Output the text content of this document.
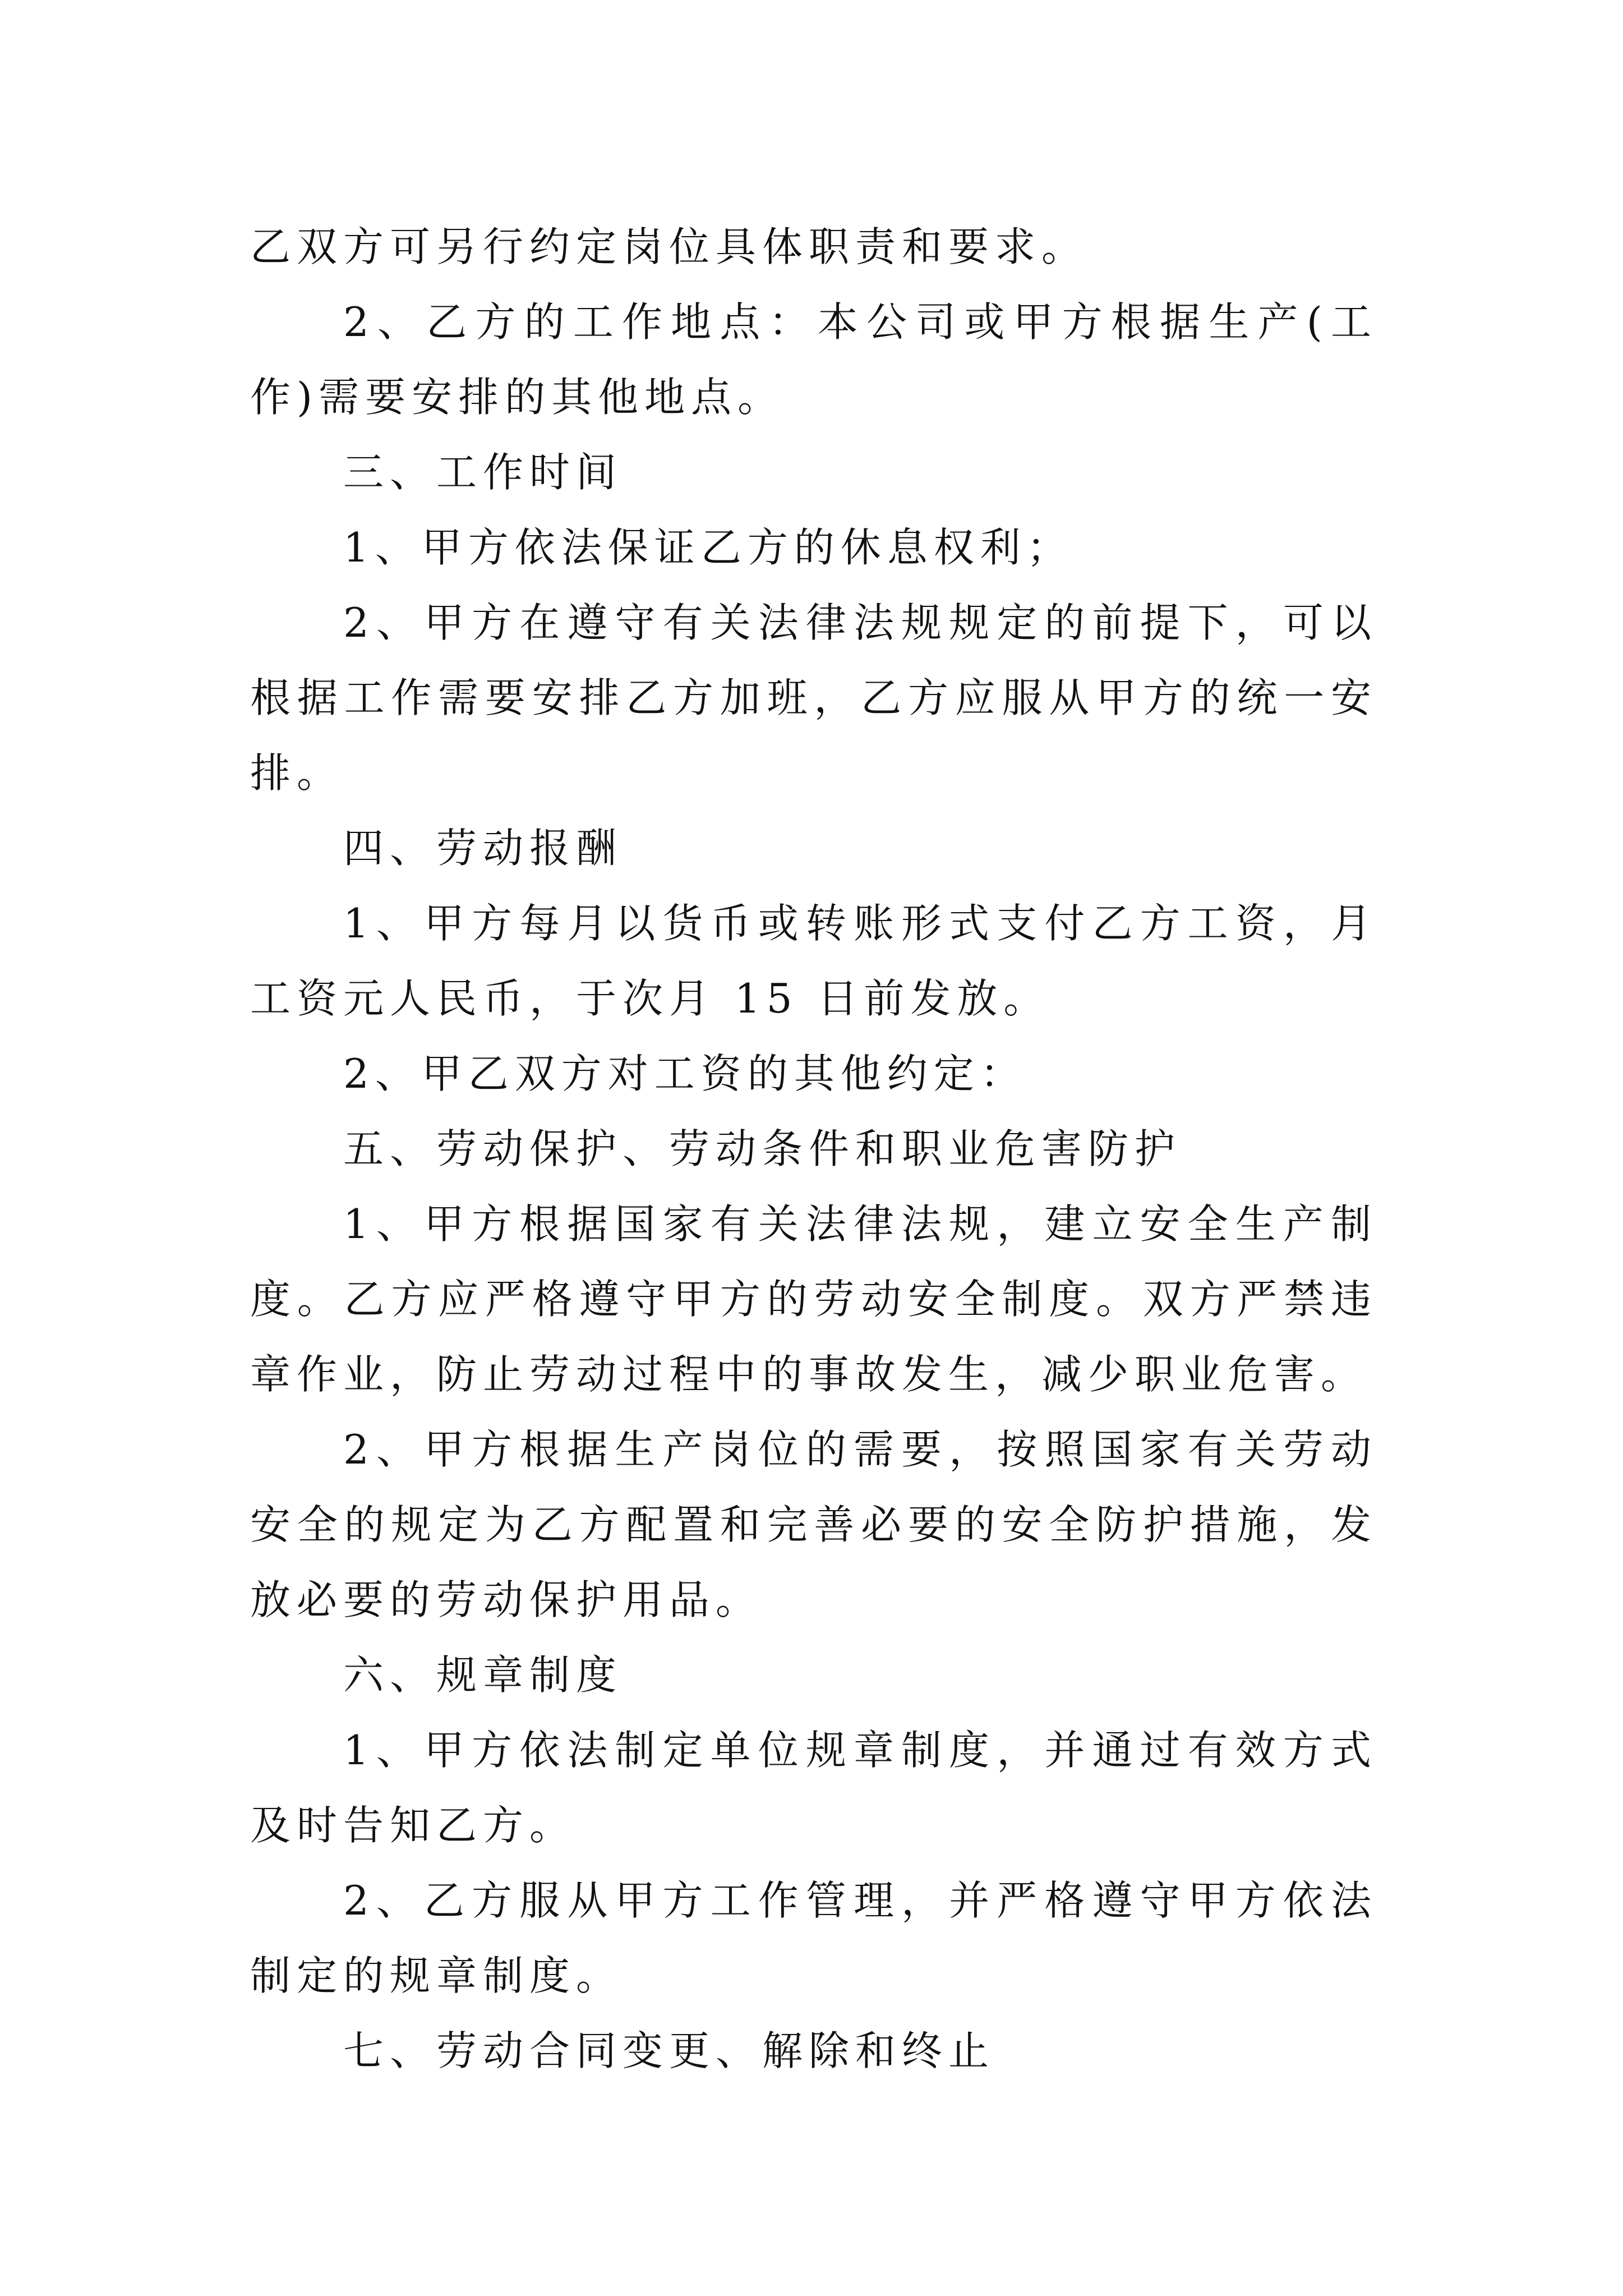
乙双方可另行约定岗位具体职责和要求。

2、乙方的工作地点：本公司或甲方根据生产(工作)需要安排的其他地点。

三、工作时间

1、甲方依法保证乙方的休息权利；

2、甲方在遵守有关法律法规规定的前提下，可以根据工作需要安排乙方加班，乙方应服从甲方的统一安排。

四、劳动报酬

1、甲方每月以货币或转账形式支付乙方工资，月工资元人民币，于次月 15 日前发放。

2、甲乙双方对工资的其他约定：

五、劳动保护、劳动条件和职业危害防护

1、甲方根据国家有关法律法规，建立安全生产制度。乙方应严格遵守甲方的劳动安全制度。双方严禁违章作业，防止劳动过程中的事故发生，减少职业危害。

2、甲方根据生产岗位的需要，按照国家有关劳动安全的规定为乙方配置和完善必要的安全防护措施，发放必要的劳动保护用品。

六、规章制度

1、甲方依法制定单位规章制度，并通过有效方式及时告知乙方。

2、乙方服从甲方工作管理，并严格遵守甲方依法制定的规章制度。

七、劳动合同变更、解除和终止
